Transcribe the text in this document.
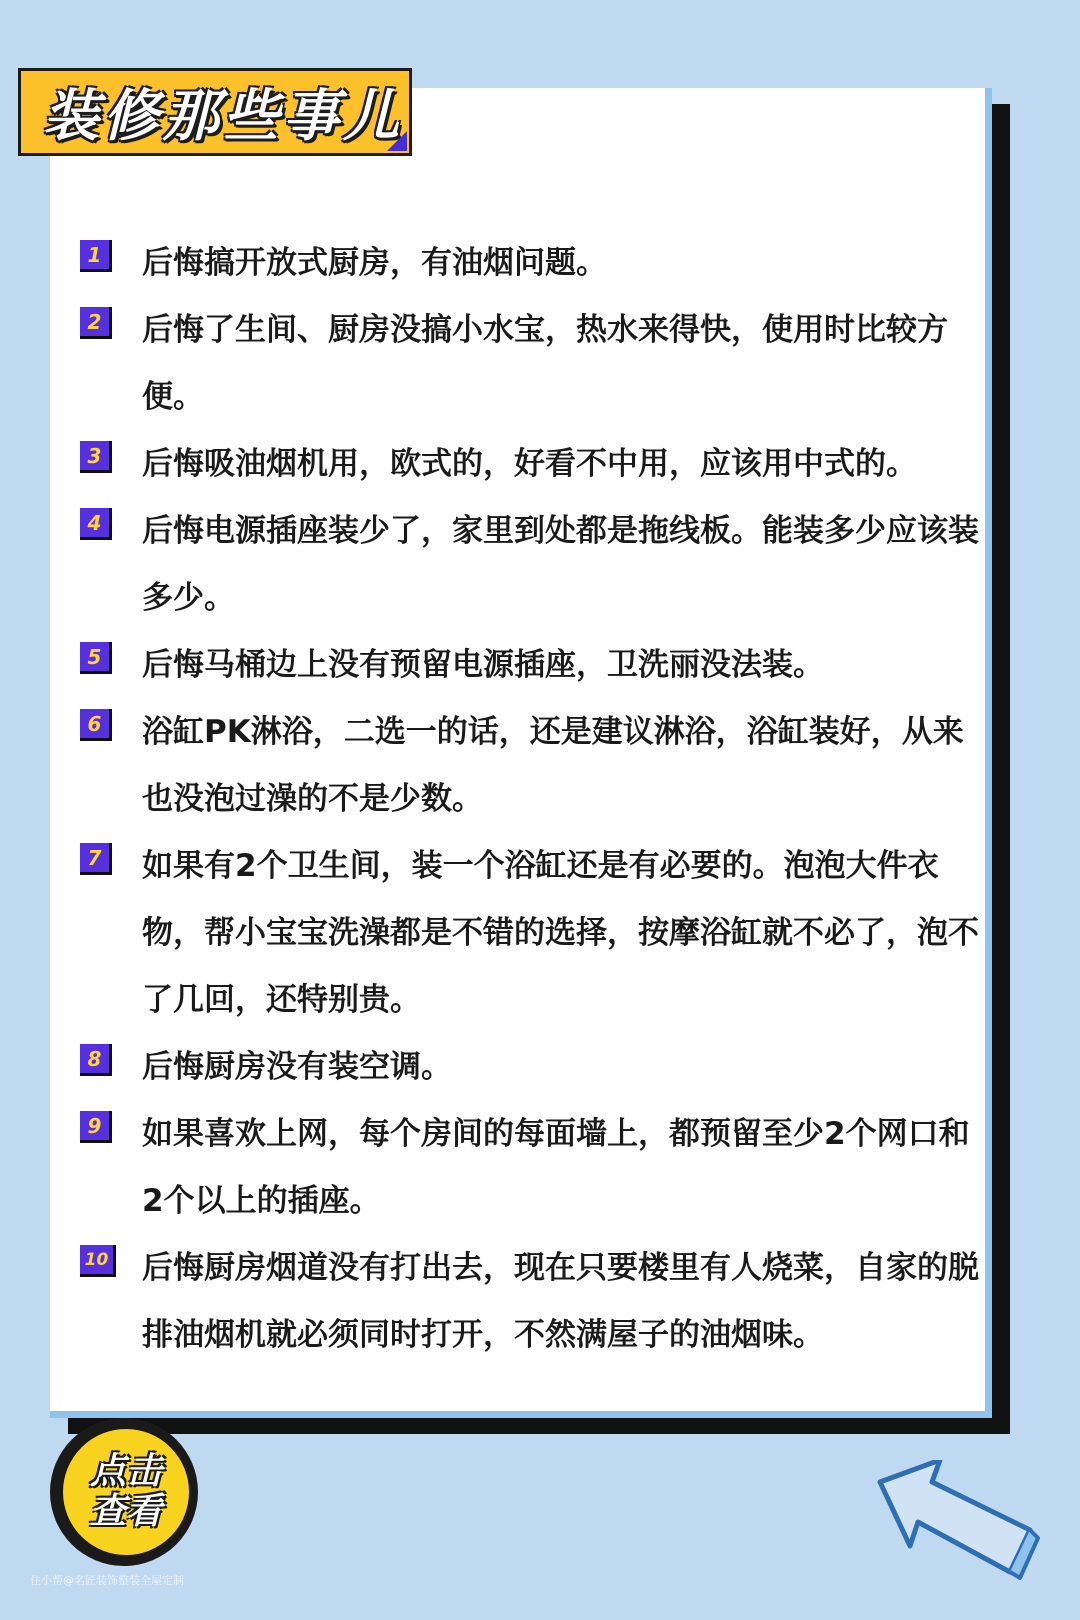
装修那些事儿
1	后悔搞开放式厨房，有油烟问题。

2	后悔了生间、厨房没搞小水宝，热水来得快，使用时比较方便。

3	后悔吸油烟机用，欧式的，好看不中用，应该用中式的。

4	后悔电源插座装少了，家里到处都是拖线板。能装多少应该装多少。

5	后悔马桶边上没有预留电源插座，卫洗丽没法装。

6	浴缸PK淋浴，二选一的话，还是建议淋浴，浴缸装好，从来也没泡过澡的不是少数。

7	如果有2个卫生间，装一个浴缸还是有必要的。泡泡大件衣物，帮小宝宝洗澡都是不错的选择，按摩浴缸就不必了，泡不了几回，还特别贵。

8	后悔厨房没有装空调。

9	如果喜欢上网，每个房间的每面墙上，都预留至少2个网口和2个以上的插座。

10 后悔厨房烟道没有打出去，现在只要楼里有人烧菜，自家的脱排油烟机就必须同时打开，不然满屋子的油烟味。

点击
查看
住小帮@名匠装饰整装全屋定制
